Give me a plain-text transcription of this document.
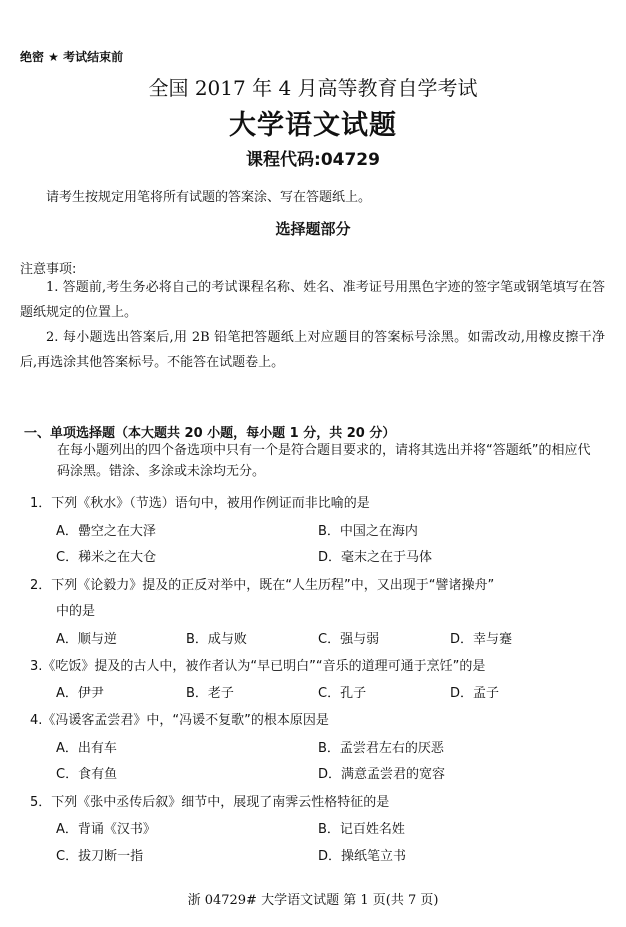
绝密 ★ 考试结束前
全国 2017 年 4 月高等教育自学考试
大学语文试题
课程代码:04729
请考生按规定用笔将所有试题的答案涂、写在答题纸上。
选择题部分
注意事项:
1. 答题前,考生务必将自己的考试课程名称、姓名、准考证号用黑色字迹的签字笔或钢笔填写在答题纸规定的位置上。
2. 每小题选出答案后,用 2B 铅笔把答题纸上对应题目的答案标号涂黑。如需改动,用橡皮擦干净后,再选涂其他答案标号。不能答在试题卷上。
一、单项选择题（本大题共 20 小题，每小题 1 分，共 20 分）
在每小题列出的四个备选项中只有一个是符合题目要求的，请将其选出并将“答题纸”的相应代码涂黑。错涂、多涂或未涂均无分。
1．下列《秋水》（节选）语句中，被用作例证而非比喻的是
A．罍空之在大泽	B．中国之在海内
C．稊米之在大仓	D．毫末之在于马体
2．下列《论毅力》提及的正反对举中，既在“人生历程”中，又出现于“譬诸操舟”
中的是
A．顺与逆	B．成与败	C．强与弱	D．幸与蹇
3.《吃饭》提及的古人中，被作者认为“早已明白”“音乐的道理可通于烹饪”的是
A．伊尹	B．老子	C．孔子	D．孟子
4.《冯谖客孟尝君》中，“冯谖不复歌”的根本原因是
A．出有车	B．孟尝君左右的厌恶
C．食有鱼	D．满意孟尝君的宽容
5．下列《张中丞传后叙》细节中，展现了南霁云性格特征的是
A．背诵《汉书》	B．记百姓名姓
C．拔刀断一指	D．操纸笔立书
浙 04729# 大学语文试题 第 1 页(共 7 页)
